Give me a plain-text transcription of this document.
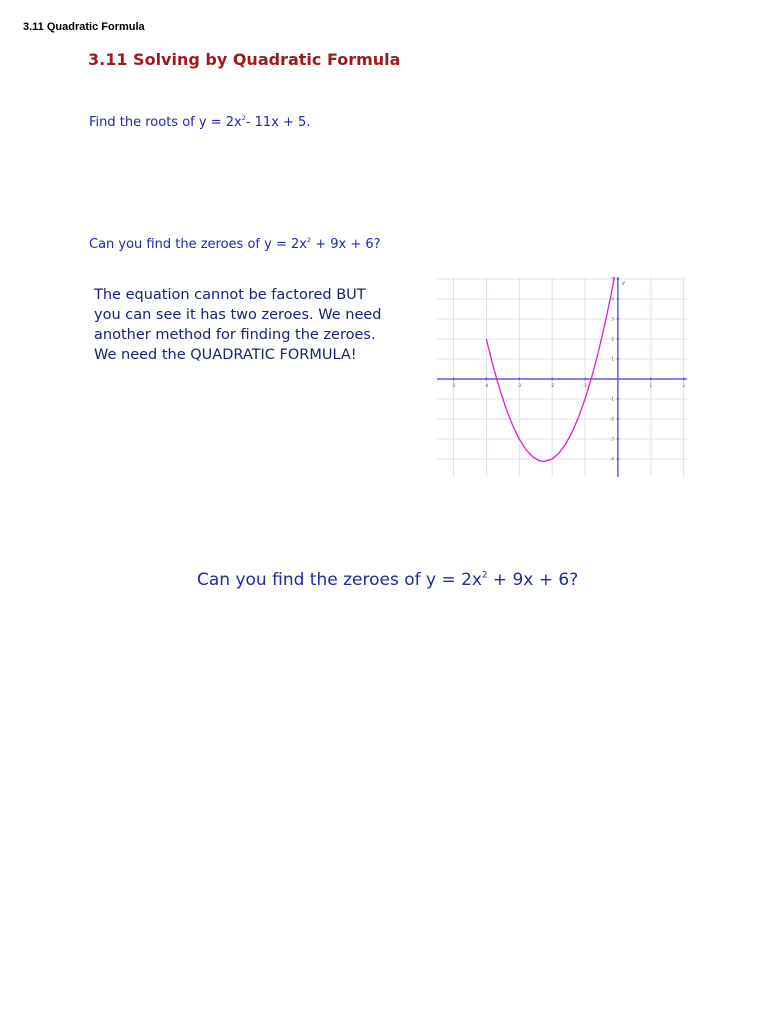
3.11 Quadratic Formula
3.11 Solving by Quadratic Formula
Find the roots of $y = 2x^2-$ 11x + 5.
Can you find the zeroes of $y = 2x^2 + 9x + 6$?
The equation cannot be factored BUT
you can see it has two zeroes. We need
another method for finding the zeroes.
We need the QUADRATIC FORMULA!
-5	-4	-3	-2	-1	1	2
5
4
3
2
1
-1
-2
-3
-4
y
Can you find the zeroes of $y = 2x^2 + 9x + 6$?
